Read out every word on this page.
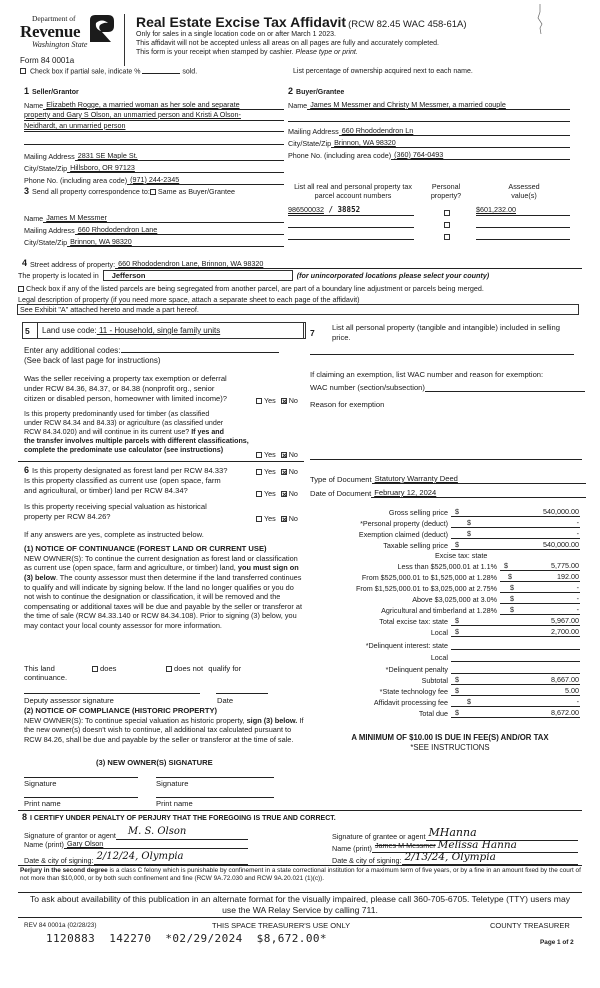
Department of
Revenue
Washington State
Form 84 0001a
Real Estate Excise Tax Affidavit (RCW 82.45 WAC 458-61A)
Only for sales in a single location code on or after March 1 2023.
This affidavit will not be accepted unless all areas on all pages are fully and accurately completed.
This form is your receipt when stamped by cashier. Please type or print.
Check box if partial sale, indicate %	sold.	List percentage of ownership acquired next to each name.
1 Seller/Grantor
Name Elizabeth Rogge, a married woman as her sole and separate
property and Gary S Olson, an unmarried person and Kristi A Olson-
Neidhardt, an unmarried person
Mailing Address 2831 SE Maple St.
City/State/Zip Hillsboro, OR 97123
Phone No. (including area code) (971) 244-2345
2 Buyer/Grantee
Name James M Messmer and Christy M Messmer, a married couple
Mailing Address 660 Rhododendron Ln
City/State/Zip Brinnon, WA 98320
Phone No. (including area code) (360) 764-0493
3 Send all property correspondence to: Same as Buyer/Grantee
Name James M Messmer
Mailing Address 660 Rhododendron Lane
City/State/Zip Brinnon, WA 98320
List all real and personal property tax
parcel account numbers
Personal
property?
Assessed
value(s)
986500032 / 38852	$601,232.00
4 Street address of property: 660 Rhododendron Lane, Brinnon, WA 98320
The property is located in Jefferson	(for unincorporated locations please select your county)
Check box if any of the listed parcels are being segregated from another parcel, are part of a boundary line adjustment or parcels being merged.
Legal description of property (if you need more space, attach a separate sheet to each page of the affidavit)
See Exhibit "A" attached hereto and made a part hereof.
5 Land use code: 11 - Household, single family units
Enter any additional codes:
(See back of last page for instructions)
Was the seller receiving a property tax exemption or deferral
under RCW 84.36, 84.37, or 84.38 (nonprofit org., senior
citizen or disabled person, homeowner with limited income)?	Yes No
Is this property predominantly used for timber (as classified
under RCW 84.34 and 84.33) or agriculture (as classified under
RCW 84.34.020) and will continue in its current use? If yes and
the transfer involves multiple parcels with different classifications,
complete the predominate use calculator (see instructions)	Yes No
6 Is this property designated as forest land per RCW 84.33?	Yes No
Is this property classified as current use (open space, farm
and agricultural, or timber) land per RCW 84.34?	Yes No
Is this property receiving special valuation as historical
property per RCW 84.26?	Yes No
If any answers are yes, complete as instructed below.
(1) NOTICE OF CONTINUANCE (FOREST LAND OR CURRENT USE)
NEW OWNER(S): To continue the current designation as forest land or classification as current use (open space, farm and agriculture, or timber) land, you must sign on (3) below. The county assessor must then determine if the land transferred continues to qualify and will indicate by signing below. If the land no longer qualifies or you do not wish to continue the designation or classification, it will be removed and the compensating or additional taxes will be due and payable by the seller or transferor at the time of sale (RCW 84.33.140 or RCW 84.34.108). Prior to signing (3) below, you may contact your local county assessor for more information.
This land	does	does not qualify for
continuance.
Deputy assessor signature	Date
(2) NOTICE OF COMPLIANCE (HISTORIC PROPERTY)
NEW OWNER(S): To continue special valuation as historic property, sign (3) below. If the new owner(s) doesn't wish to continue, all additional tax calculated pursuant to RCW 84.26, shall be due and payable by the seller or transferor at the time of sale.
(3) NEW OWNER(S) SIGNATURE
Signature	Signature
Print name	Print name
7
List all personal property (tangible and intangible) included in selling
price.
If claiming an exemption, list WAC number and reason for exemption:
WAC number (section/subsection)
Reason for exemption
Type of Document Statutory Warranty Deed
Date of Document February 12, 2024
Gross selling price $	540,000.00
*Personal property (deduct)	$	-
Exemption claimed (deduct)	$	-
Taxable selling price $	540,000.00
Excise tax: state
Less than $525,000.01 at 1.1% $	5,775.00
From $525,000.01 to $1,525,000 at 1.28%	$	192.00
From $1,525,000.01 to $3,025,000 at 2.75%	$	-
Above $3,025,000 at 3.0%	$	-
Agricultural and timberland at 1.28%	$	-
Total excise tax: state $	5,967.00
Local $	2,700.00
*Delinquent interest: state
Local
*Delinquent penalty
Subtotal $	8,667.00
*State technology fee $	5.00
Affidavit processing fee	$	-
Total due $	8,672.00
A MINIMUM OF $10.00 IS DUE IN FEE(S) AND/OR TAX
*SEE INSTRUCTIONS
8 I CERTIFY UNDER PENALTY OF PERJURY THAT THE FOREGOING IS TRUE AND CORRECT.
Signature of grantor or agent	M. S. Olson
Name (print) Gary Olson
Date & city of signing: 2/12/24, Olympia
Signature of grantee or agent MHanna
Name (print) James M Messmer Melissa Hanna
Date & city of signing: 2/13/24, Olympia
Perjury in the second degree is a class C felony which is punishable by confinement in a state correctional institution for a maximum term of five years, or by a fine in an amount fixed by the court of not more than $10,000, or by both such confinement and fine (RCW 9A.72.030 and RCW 9A.20.021 (1)(c)).
To ask about availability of this publication in an alternate format for the visually impaired, please call 360-705-6705. Teletype (TTY) users may use the WA Relay Service by calling 711.
REV 84 0001a (02/28/23)	THIS SPACE TREASURER'S USE ONLY	COUNTY TREASURER
1120883  142270  *02/29/2024  $8,672.00*	Page 1 of 2
